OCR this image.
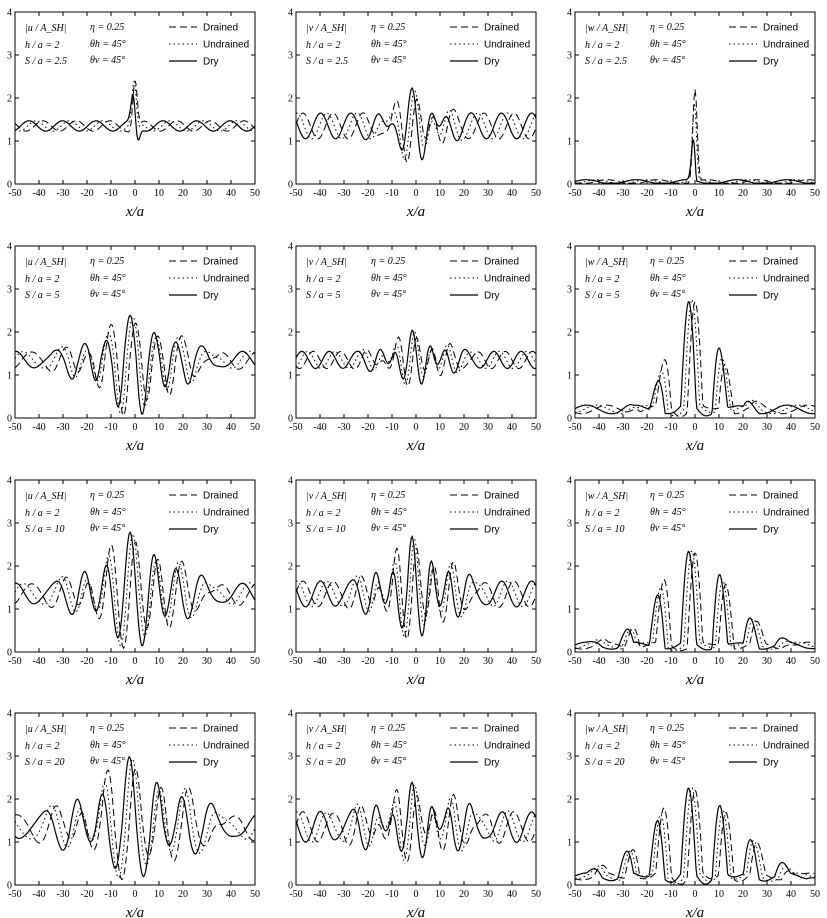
-50 -40 -30 -20 -10 0 10 20 30 40 50
0
1
2
3
4
x/a
|u / A_SH|
h / a = 2
S / a = 2.5
η = 0.25
θh = 45°
θv = 45°
Drained
Undrained
Dry
-50 -40 -30 -20 -10 0 10 20 30 40 50
0
1
2
3
4
x/a
|v / A_SH|
h / a = 2
S / a = 2.5
η = 0.25
θh = 45°
θv = 45°
Drained
Undrained
Dry
-50 -40 -30 -20 -10 0 10 20 30 40 50
0
1
2
3
4
x/a
|w / A_SH|
h / a = 2
S / a = 2.5
η = 0.25
θh = 45°
θv = 45°
Drained
Undrained
Dry
-50 -40 -30 -20 -10 0 10 20 30 40 50
0
1
2
3
4
x/a
|u / A_SH|
h / a = 2
S / a = 5
η = 0.25
θh = 45°
θv = 45°
Drained
Undrained
Dry
-50 -40 -30 -20 -10 0 10 20 30 40 50
0
1
2
3
4
x/a
|v / A_SH|
h / a = 2
S / a = 5
η = 0.25
θh = 45°
θv = 45°
Drained
Undrained
Dry
-50 -40 -30 -20 -10 0 10 20 30 40 50
0
1
2
3
4
x/a
|w / A_SH|
h / a = 2
S / a = 5
η = 0.25
θh = 45°
θv = 45°
Drained
Undrained
Dry
-50 -40 -30 -20 -10 0 10 20 30 40 50
0
1
2
3
4
x/a
|u / A_SH|
h / a = 2
S / a = 10
η = 0.25
θh = 45°
θv = 45°
Drained
Undrained
Dry
-50 -40 -30 -20 -10 0 10 20 30 40 50
0
1
2
3
4
x/a
|v / A_SH|
h / a = 2
S / a = 10
η = 0.25
θh = 45°
θv = 45°
Drained
Undrained
Dry
-50 -40 -30 -20 -10 0 10 20 30 40 50
0
1
2
3
4
x/a
|w / A_SH|
h / a = 2
S / a = 10
η = 0.25
θh = 45°
θv = 45°
Drained
Undrained
Dry
-50 -40 -30 -20 -10 0 10 20 30 40 50
0
1
2
3
4
x/a
|u / A_SH|
h / a = 2
S / a = 20
η = 0.25
θh = 45°
θv = 45°
Drained
Undrained
Dry
-50 -40 -30 -20 -10 0 10 20 30 40 50
0
1
2
3
4
x/a
|v / A_SH|
h / a = 2
S / a = 20
η = 0.25
θh = 45°
θv = 45°
Drained
Undrained
Dry
-50 -40 -30 -20 -10 0 10 20 30 40 50
0
1
2
3
4
x/a
|w / A_SH|
h / a = 2
S / a = 20
η = 0.25
θh = 45°
θv = 45°
Drained
Undrained
Dry
